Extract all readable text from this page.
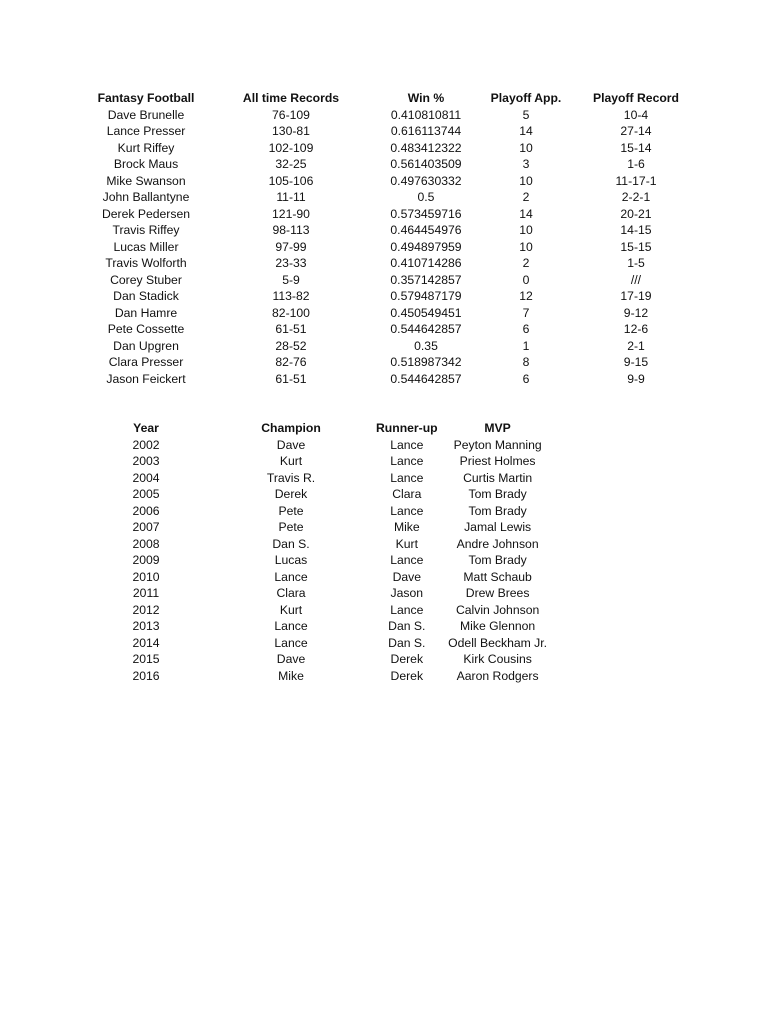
Fantasy Football	All time Records	Win %	Playoff App.	Playoff Record
Dave Brunelle	76-109	0.410810811	5	10-4
Lance Presser	130-81	0.616113744	14	27-14
Kurt Riffey	102-109	0.483412322	10	15-14
Brock Maus	32-25	0.561403509	3	1-6
Mike Swanson	105-106	0.497630332	10	11-17-1
John Ballantyne	11-11	0.5	2	2-2-1
Derek Pedersen	121-90	0.573459716	14	20-21
Travis Riffey	98-113	0.464454976	10	14-15
Lucas Miller	97-99	0.494897959	10	15-15
Travis Wolforth	23-33	0.410714286	2	1-5
Corey Stuber	5-9	0.357142857	0	///
Dan Stadick	113-82	0.579487179	12	17-19
Dan Hamre	82-100	0.450549451	7	9-12
Pete Cossette	61-51	0.544642857	6	12-6
Dan Upgren	28-52	0.35	1	2-1
Clara Presser	82-76	0.518987342	8	9-15
Jason Feickert	61-51	0.544642857	6	9-9
Year	Champion	Runner-up	MVP
2002	Dave	Lance	Peyton Manning
2003	Kurt	Lance	Priest Holmes
2004	Travis R.	Lance	Curtis Martin
2005	Derek	Clara	Tom Brady
2006	Pete	Lance	Tom Brady
2007	Pete	Mike	Jamal Lewis
2008	Dan S.	Kurt	Andre Johnson
2009	Lucas	Lance	Tom Brady
2010	Lance	Dave	Matt Schaub
2011	Clara	Jason	Drew Brees
2012	Kurt	Lance	Calvin Johnson
2013	Lance	Dan S.	Mike Glennon
2014	Lance	Dan S.	Odell Beckham Jr.
2015	Dave	Derek	Kirk Cousins
2016	Mike	Derek	Aaron Rodgers
